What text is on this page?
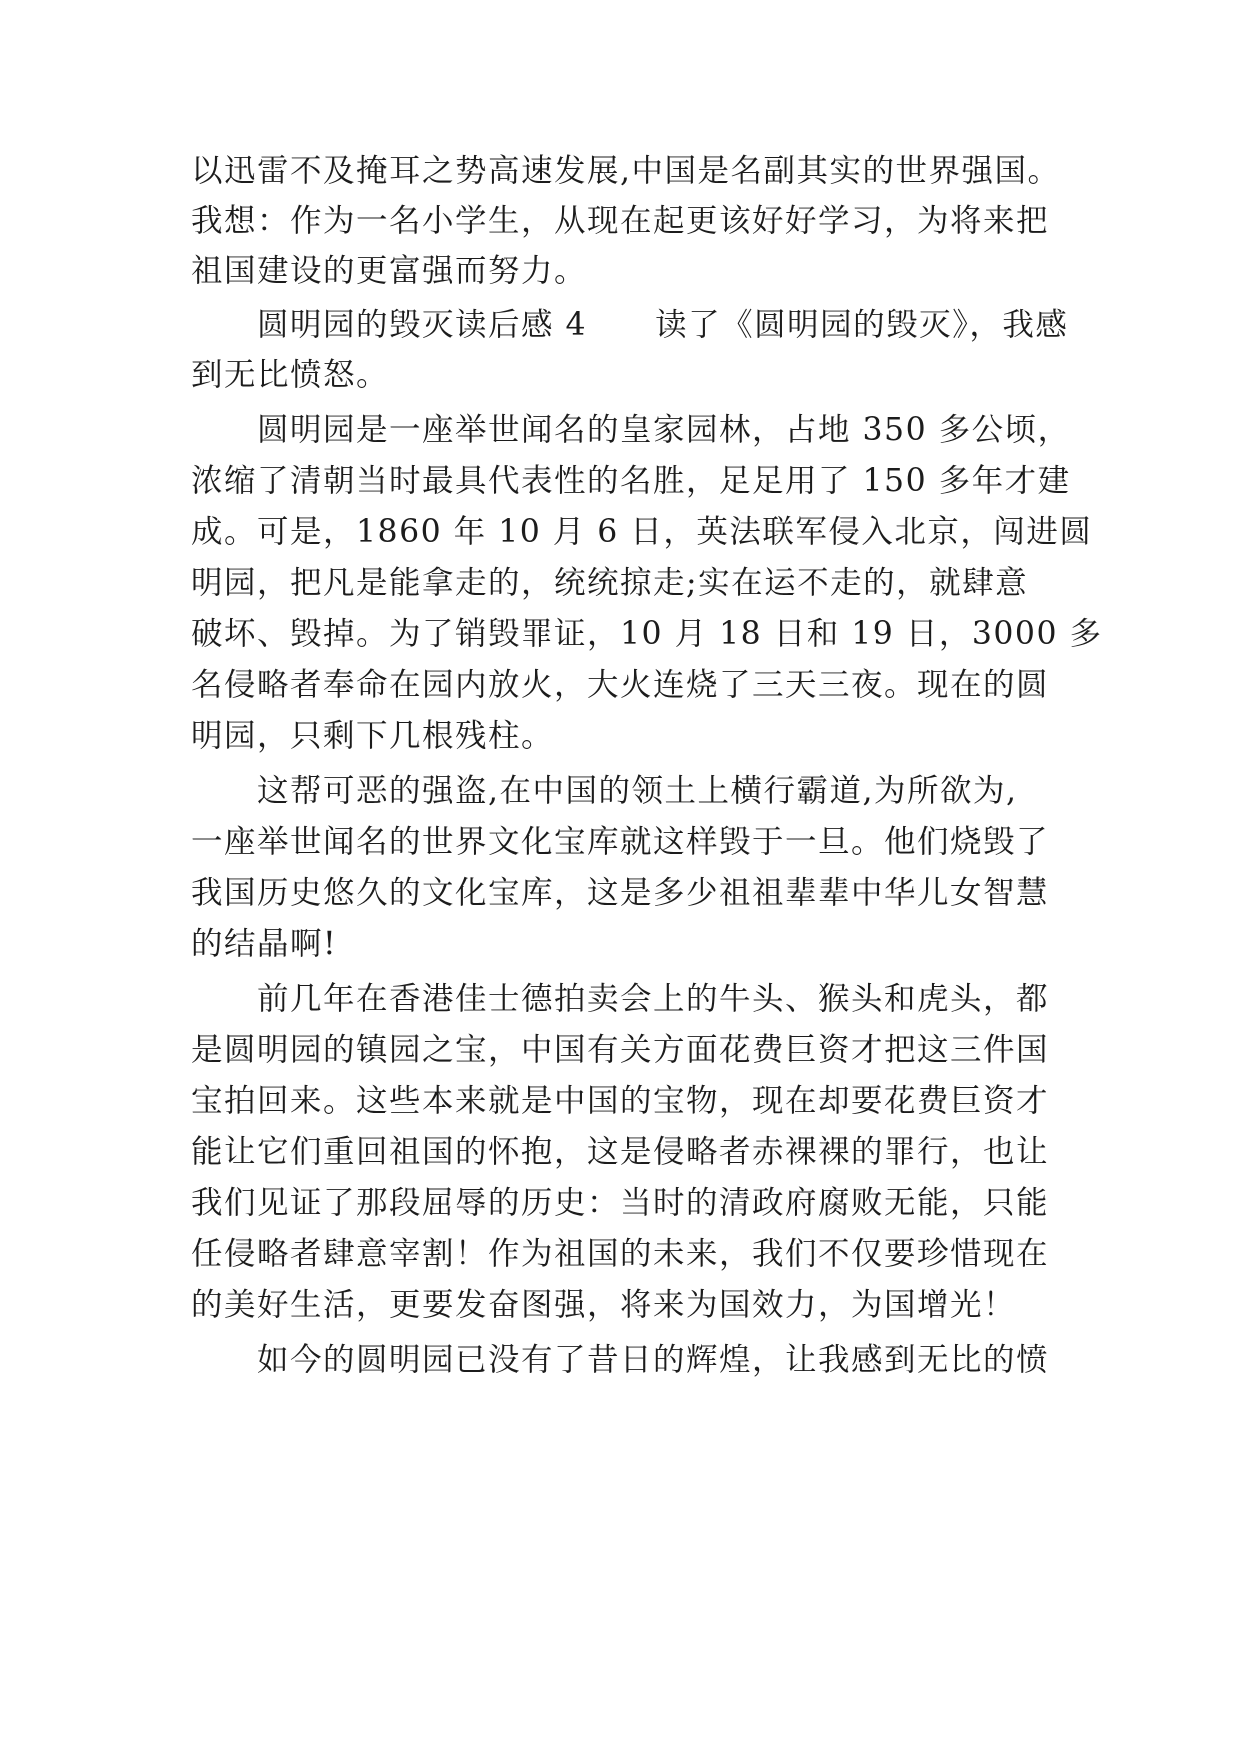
以迅雷不及掩耳之势高速发展,中国是名副其实的世界强国。
我想：作为一名小学生，从现在起更该好好学习，为将来把
祖国建设的更富强而努力。
圆明园的毁灭读后感 4 读了《圆明园的毁灭》，我感
到无比愤怒。
圆明园是一座举世闻名的皇家园林，占地 350 多公顷，
浓缩了清朝当时最具代表性的名胜，足足用了 150 多年才建
成。可是，1860 年 10 月 6 日，英法联军侵入北京，闯进圆
明园，把凡是能拿走的，统统掠走;实在运不走的，就肆意
破坏、毁掉。为了销毁罪证，10 月 18 日和 19 日，3000 多
名侵略者奉命在园内放火，大火连烧了三天三夜。现在的圆
明园，只剩下几根残柱。
这帮可恶的强盗,在中国的领土上横行霸道,为所欲为,
一座举世闻名的世界文化宝库就这样毁于一旦。他们烧毁了
我国历史悠久的文化宝库，这是多少祖祖辈辈中华儿女智慧
的结晶啊!
前几年在香港佳士德拍卖会上的牛头、猴头和虎头，都
是圆明园的镇园之宝，中国有关方面花费巨资才把这三件国
宝拍回来。这些本来就是中国的宝物，现在却要花费巨资才
能让它们重回祖国的怀抱，这是侵略者赤裸裸的罪行，也让
我们见证了那段屈辱的历史：当时的清政府腐败无能，只能
任侵略者肆意宰割！作为祖国的未来，我们不仅要珍惜现在
的美好生活，更要发奋图强，将来为国效力，为国增光！
如今的圆明园已没有了昔日的辉煌，让我感到无比的愤
